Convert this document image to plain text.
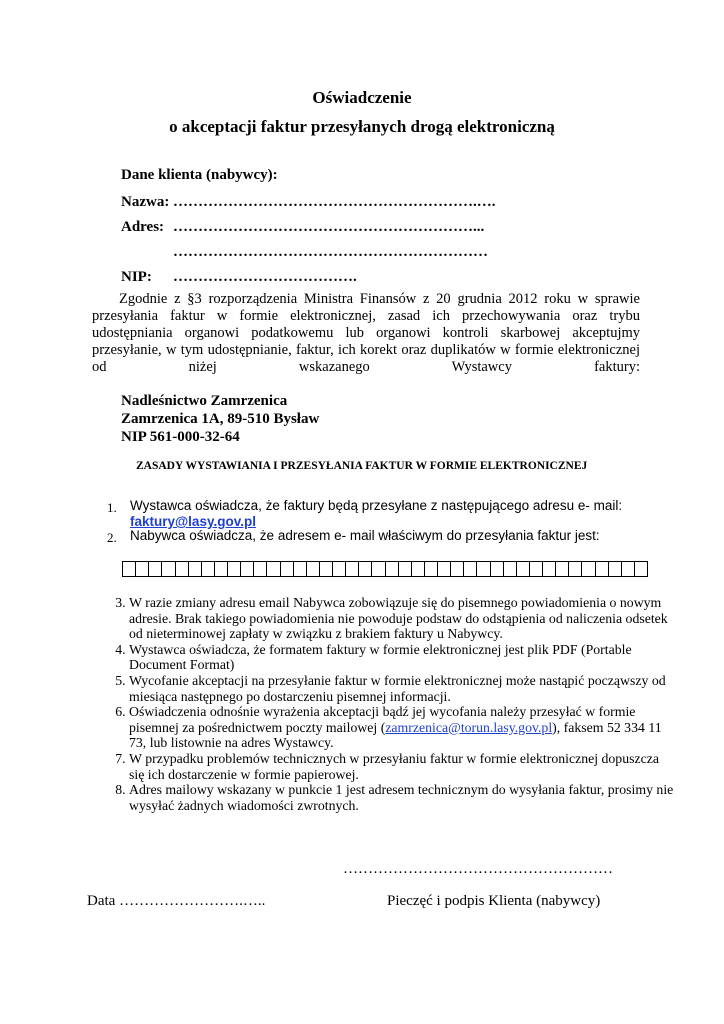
Oświadczenie
o akceptacji faktur przesyłanych drogą elektroniczną
Dane klienta (nabywcy):
Nazwa: …………………………………………………….….
Adres: ……………………………………………………...
………………………………………………………
NIP: ……………………………….
Zgodnie z §3 rozporządzenia Ministra Finansów z 20 grudnia 2012 roku w sprawie przesyłania faktur w formie elektronicznej, zasad ich przechowywania oraz trybu udostępniania organowi podatkowemu lub organowi kontroli skarbowej akceptujmy przesyłanie, w tym udostępnianie, faktur, ich korekt oraz duplikatów w formie elektronicznej od niżej wskazanego Wystawcy faktury:
Nadleśnictwo Zamrzenica
Zamrzenica 1A, 89-510 Bysław
NIP 561-000-32-64
ZASADY WYSTAWIANIA I PRZESYŁANIA FAKTUR W FORMIE ELEKTRONICZNEJ
1. Wystawca oświadcza, że faktury będą przesyłane z następującego adresu e- mail:
faktury@lasy.gov.pl
2. Nabywca oświadcza, że adresem e- mail właściwym do przesyłania faktur jest:
3. W razie zmiany adresu email Nabywca zobowiązuje się do pisemnego powiadomienia o nowym adresie. Brak takiego powiadomienia nie powoduje podstaw do odstąpienia od naliczenia odsetek od nieterminowej zapłaty w związku z brakiem faktury u Nabywcy.
4. Wystawca oświadcza, że formatem faktury w formie elektronicznej jest plik PDF (Portable Document Format)
5. Wycofanie akceptacji na przesyłanie faktur w formie elektronicznej może nastąpić począwszy od miesiąca następnego po dostarczeniu pisemnej informacji.
6. Oświadczenia odnośnie wyrażenia akceptacji bądź jej wycofania należy przesyłać w formie pisemnej za pośrednictwem poczty mailowej (zamrzenica@torun.lasy.gov.pl), faksem 52 334 11 73, lub listownie na adres Wystawcy.
7. W przypadku problemów technicznych w przesyłaniu faktur w formie elektronicznej dopuszcza się ich dostarczenie w formie papierowej.
8. Adres mailowy wskazany w punkcie 1 jest adresem technicznym do wysyłania faktur, prosimy nie wysyłać żadnych wiadomości zwrotnych.
………………………………………………
Data …………………….…..	Pieczęć i podpis Klienta (nabywcy)
